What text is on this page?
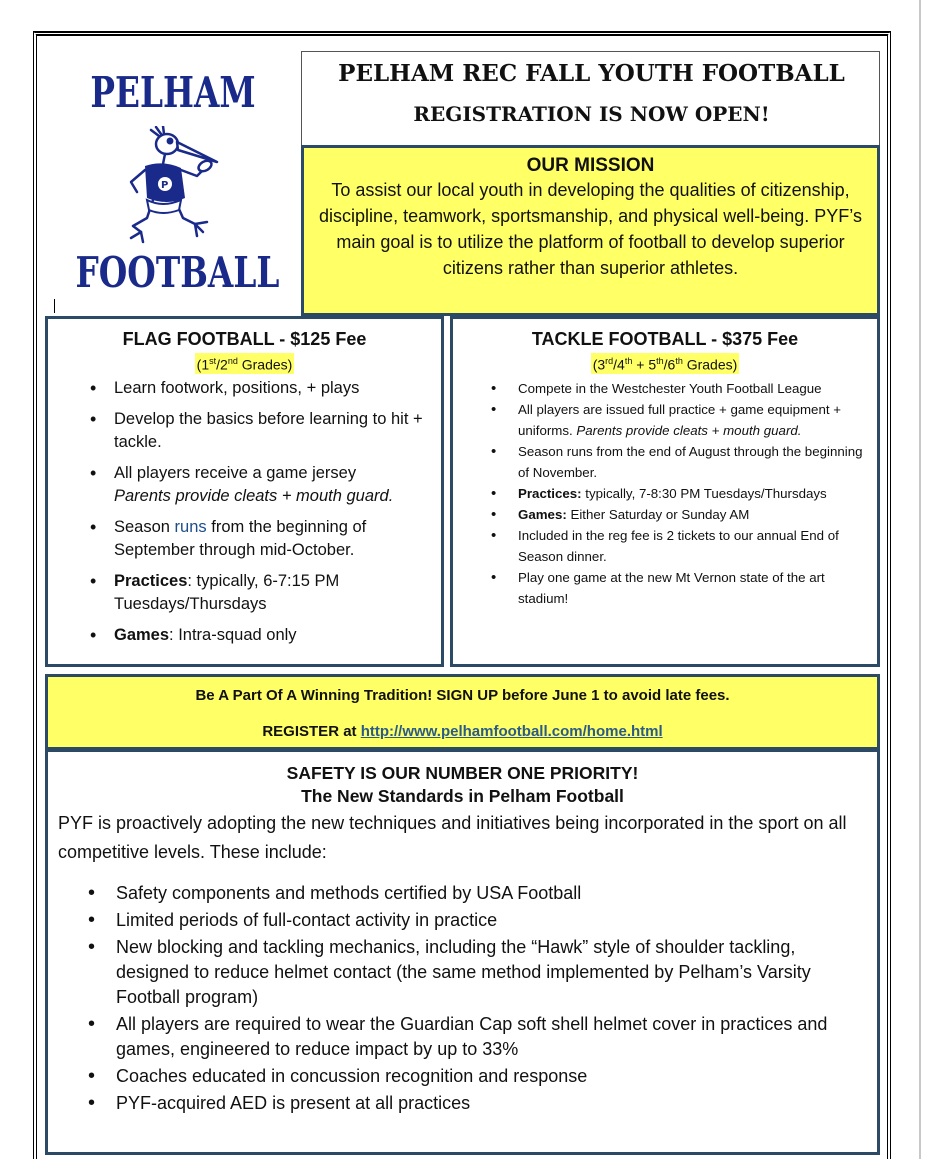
PELHAM
P
FOOTBALL
PELHAM REC FALL YOUTH FOOTBALL
REGISTRATION IS NOW OPEN!
OUR MISSION

To assist our local youth in developing the qualities of citizenship, discipline, teamwork, sportsmanship, and physical well-being. PYF’s main goal is to utilize the platform of football to develop superior citizens rather than superior athletes.

FLAG FOOTBALL - $125 Fee
(1st/2nd Grades)
• Learn footwork, positions, + plays
• Develop the basics before learning to hit + tackle.
• All players receive a game jersey
Parents provide cleats + mouth guard.
• Season runs from the beginning of September through mid-October.
• Practices: typically, 6-7:15 PM Tuesdays/Thursdays
• Games: Intra-squad only
TACKLE FOOTBALL - $375 Fee
(3rd/4th + 5th/6th Grades)
• Compete in the Westchester Youth Football League
• All players are issued full practice + game equipment + uniforms. Parents provide cleats + mouth guard.
• Season runs from the end of August through the beginning of November.
• Practices: typically, 7-8:30 PM Tuesdays/Thursdays
• Games: Either Saturday or Sunday AM
• Included in the reg fee is 2 tickets to our annual End of Season dinner.
• Play one game at the new Mt Vernon state of the art stadium!
Be A Part Of A Winning Tradition! SIGN UP before June 1 to avoid late fees.
REGISTER at http://www.pelhamfootball.com/home.html
SAFETY IS OUR NUMBER ONE PRIORITY!
The New Standards in Pelham Football

PYF is proactively adopting the new techniques and initiatives being incorporated in the sport on all competitive levels. These include:

• Safety components and methods certified by USA Football
• Limited periods of full-contact activity in practice
• New blocking and tackling mechanics, including the “Hawk” style of shoulder tackling, designed to reduce helmet contact (the same method implemented by Pelham’s Varsity Football program)
• All players are required to wear the Guardian Cap soft shell helmet cover in practices and games, engineered to reduce impact by up to 33%
• Coaches educated in concussion recognition and response
• PYF-acquired AED is present at all practices
